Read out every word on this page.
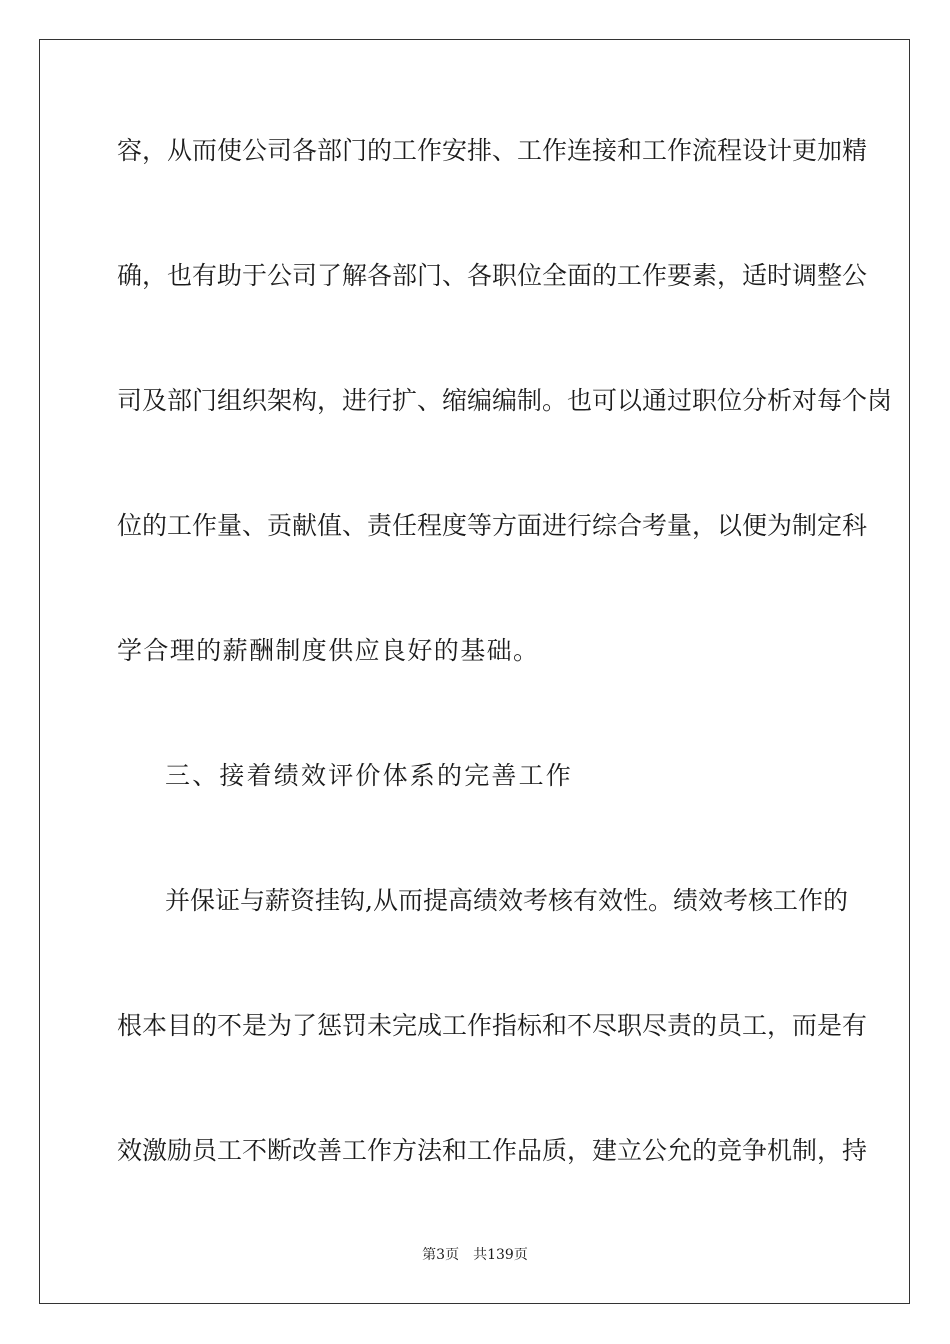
容，从而使公司各部门的工作安排、工作连接和工作流程设计更加精
确，也有助于公司了解各部门、各职位全面的工作要素，适时调整公
司及部门组织架构，进行扩、缩编编制。也可以通过职位分析对每个岗
位的工作量、贡献值、责任程度等方面进行综合考量，以便为制定科
学合理的薪酬制度供应良好的基础。
三、接着绩效评价体系的完善工作
并保证与薪资挂钩,从而提高绩效考核有效性。绩效考核工作的
根本目的不是为了惩罚未完成工作指标和不尽职尽责的员工，而是有
效激励员工不断改善工作方法和工作品质，建立公允的竞争机制，持
第3页 共139页
